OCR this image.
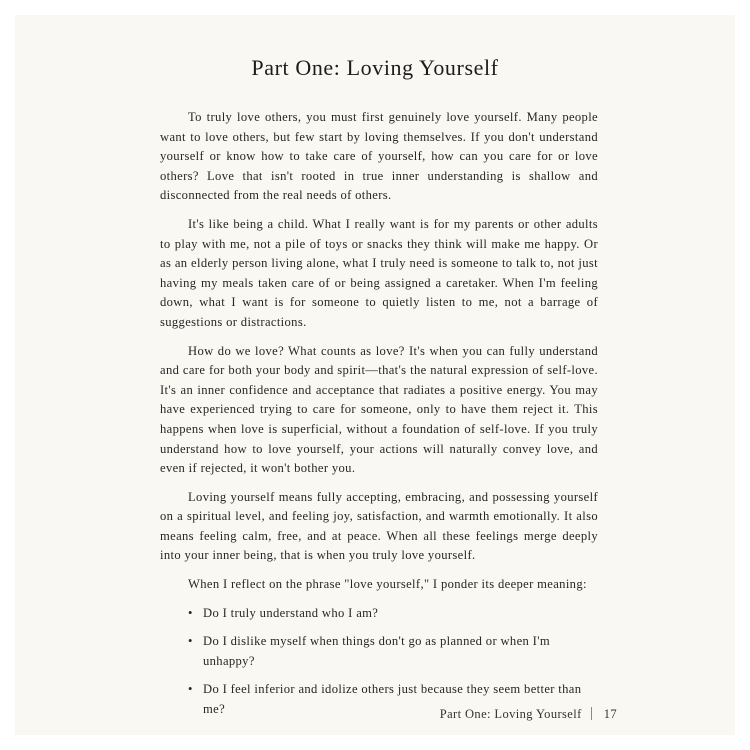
Part One: Loving Yourself

To truly love others, you must first genuinely love yourself. Many people want to love others, but few start by loving themselves. If you don't understand yourself or know how to take care of yourself, how can you care for or love others? Love that isn't rooted in true inner understanding is shallow and disconnected from the real needs of others.

It's like being a child. What I really want is for my parents or other adults to play with me, not a pile of toys or snacks they think will make me happy. Or as an elderly person living alone, what I truly need is someone to talk to, not just having my meals taken care of or being assigned a caretaker. When I'm feeling down, what I want is for someone to quietly listen to me, not a barrage of suggestions or distractions.

How do we love? What counts as love? It's when you can fully understand and care for both your body and spirit—that's the natural expression of self-love. It's an inner confidence and acceptance that radiates a positive energy. You may have experienced trying to care for someone, only to have them reject it. This happens when love is superficial, without a foundation of self-love. If you truly understand how to love yourself, your actions will naturally convey love, and even if rejected, it won't bother you.

Loving yourself means fully accepting, embracing, and possessing yourself on a spiritual level, and feeling joy, satisfaction, and warmth emotionally. It also means feeling calm, free, and at peace. When all these feelings merge deeply into your inner being, that is when you truly love yourself.

When I reflect on the phrase "love yourself," I ponder its deeper meaning:

• Do I truly understand who I am?
• Do I dislike myself when things don't go as planned or when I'm unhappy?
• Do I feel inferior and idolize others just because they seem better than me?	Part One: Loving Yourself 17
